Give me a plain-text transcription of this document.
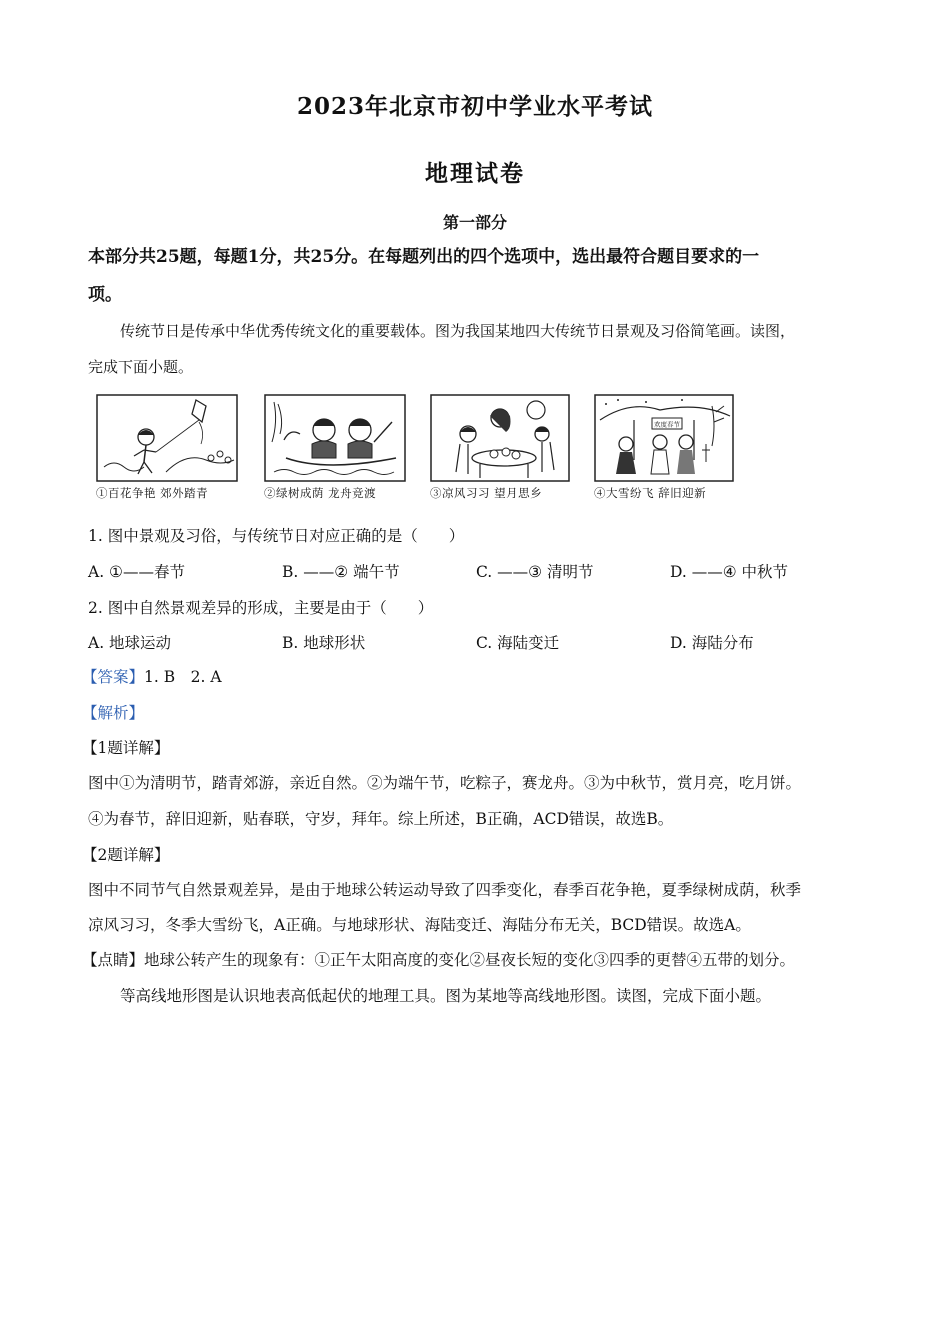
2023年北京市初中学业水平考试
地理试卷
第一部分
本部分共25题，每题1分，共25分。在每题列出的四个选项中，选出最符合题目要求的一
项。
传统节日是传承中华优秀传统文化的重要载体。图为我国某地四大传统节日景观及习俗简笔画。读图，
完成下面小题。
①百花争艳 郊外踏青	②绿树成荫 龙舟竞渡	③凉风习习 望月思乡
欢度春节
④大雪纷飞 辞旧迎新
1. 图中景观及习俗，与传统节日对应正确的是（　　）
A. ①——春节	B. ——② 端午节	C. ——③ 清明节	D. ——④ 中秋节
2. 图中自然景观差异的形成，主要是由于（　　）
A. 地球运动	B. 地球形状	C. 海陆变迁	D. 海陆分布
【答案】1. B　2. A
【解析】
【1题详解】
图中①为清明节，踏青郊游，亲近自然。②为端午节，吃粽子，赛龙舟。③为中秋节，赏月亮，吃月饼。
④为春节，辞旧迎新，贴春联，守岁，拜年。综上所述，B正确，ACD错误，故选B。
【2题详解】
图中不同节气自然景观差异，是由于地球公转运动导致了四季变化，春季百花争艳，夏季绿树成荫，秋季
凉风习习，冬季大雪纷飞，A正确。与地球形状、海陆变迁、海陆分布无关，BCD错误。故选A。
【点睛】地球公转产生的现象有：①正午太阳高度的变化②昼夜长短的变化③四季的更替④五带的划分。
等高线地形图是认识地表高低起伏的地理工具。图为某地等高线地形图。读图，完成下面小题。
